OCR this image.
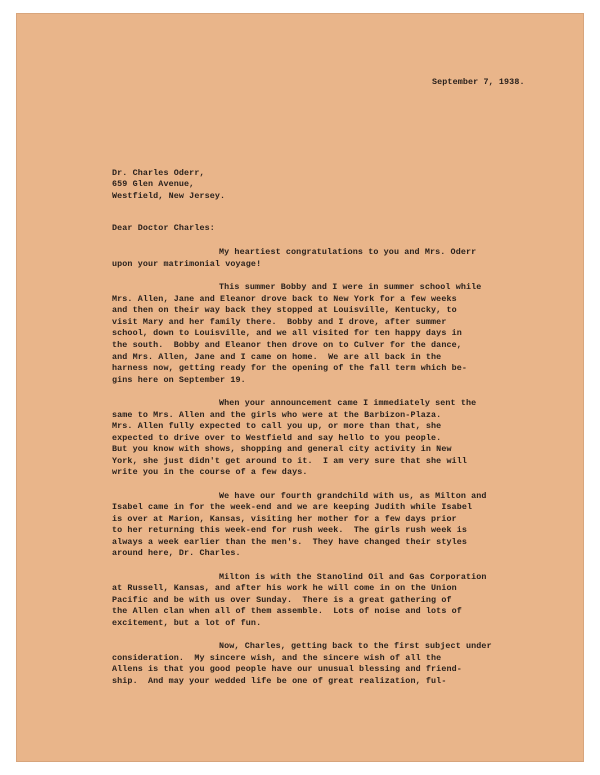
September 7, 1938.
Dr. Charles Oderr,
659 Glen Avenue,
Westfield, New Jersey.
Dear Doctor Charles:
My heartiest congratulations to you and Mrs. Oderr
upon your matrimonial voyage!
This summer Bobby and I were in summer school while
Mrs. Allen, Jane and Eleanor drove back to New York for a few weeks
and then on their way back they stopped at Louisville, Kentucky, to
visit Mary and her family there.  Bobby and I drove, after summer
school, down to Louisville, and we all visited for ten happy days in
the south.  Bobby and Eleanor then drove on to Culver for the dance,
and Mrs. Allen, Jane and I came on home.  We are all back in the
harness now, getting ready for the opening of the fall term which be-
gins here on September 19.
When your announcement came I immediately sent the
same to Mrs. Allen and the girls who were at the Barbizon-Plaza.
Mrs. Allen fully expected to call you up, or more than that, she
expected to drive over to Westfield and say hello to you people.
But you know with shows, shopping and general city activity in New
York, she just didn't get around to it.  I am very sure that she will
write you in the course of a few days.
We have our fourth grandchild with us, as Milton and
Isabel came in for the week-end and we are keeping Judith while Isabel
is over at Marion, Kansas, visiting her mother for a few days prior
to her returning this week-end for rush week.  The girls rush week is
always a week earlier than the men's.  They have changed their styles
around here, Dr. Charles.
Milton is with the Stanolind Oil and Gas Corporation
at Russell, Kansas, and after his work he will come in on the Union
Pacific and be with us over Sunday.  There is a great gathering of
the Allen clan when all of them assemble.  Lots of noise and lots of
excitement, but a lot of fun.
Now, Charles, getting back to the first subject under
consideration.  My sincere wish, and the sincere wish of all the
Allens is that you good people have our unusual blessing and friend-
ship.  And may your wedded life be one of great realization, ful-
